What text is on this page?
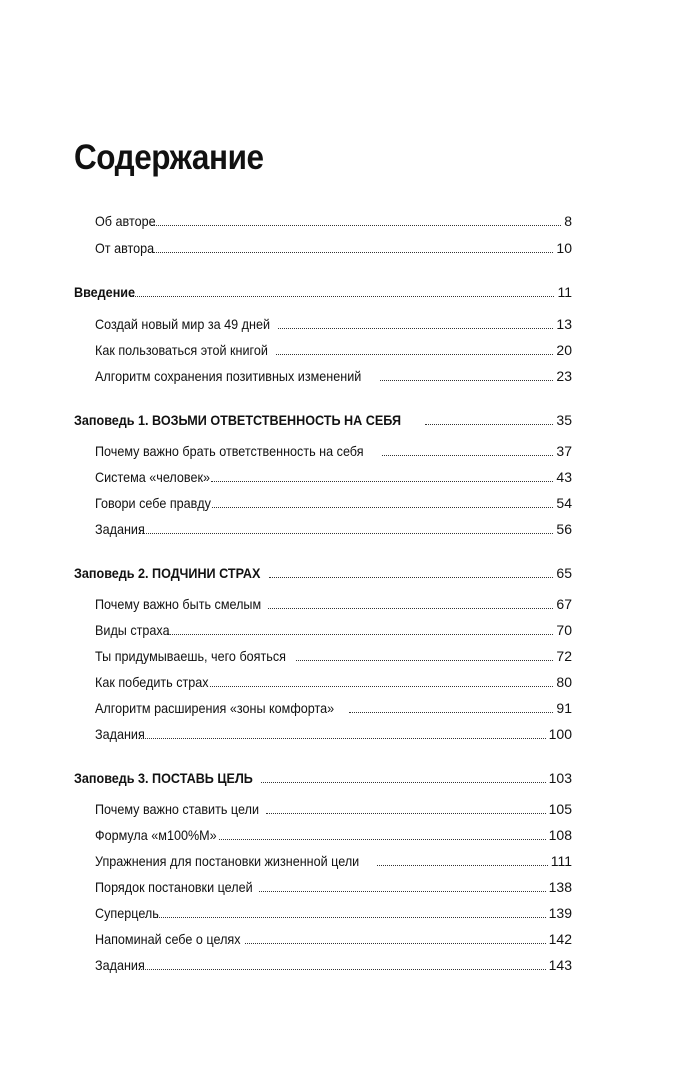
Содержание
Об авторе	8
От автора	10
Введение	11
Создай новый мир за 49 дней	13
Как пользоваться этой книгой	20
Алгоритм сохранения позитивных изменений	23
Заповедь 1. ВОЗЬМИ ОТВЕТСТВЕННОСТЬ НА СЕБЯ	35
Почему важно брать ответственность на себя	37
Система «человек»	43
Говори себе правду	54
Задания	56
Заповедь 2. ПОДЧИНИ СТРАХ	65
Почему важно быть смелым	67
Виды страха	70
Ты придумываешь, чего бояться	72
Как победить страх	80
Алгоритм расширения «зоны комфорта»	91
Задания	100
Заповедь 3. ПОСТАВЬ ЦЕЛЬ	103
Почему важно ставить цели	105
Формула «м100%М»	108
Упражнения для постановки жизненной цели	111
Порядок постановки целей	138
Суперцель	139
Напоминай себе о целях	142
Задания	143
